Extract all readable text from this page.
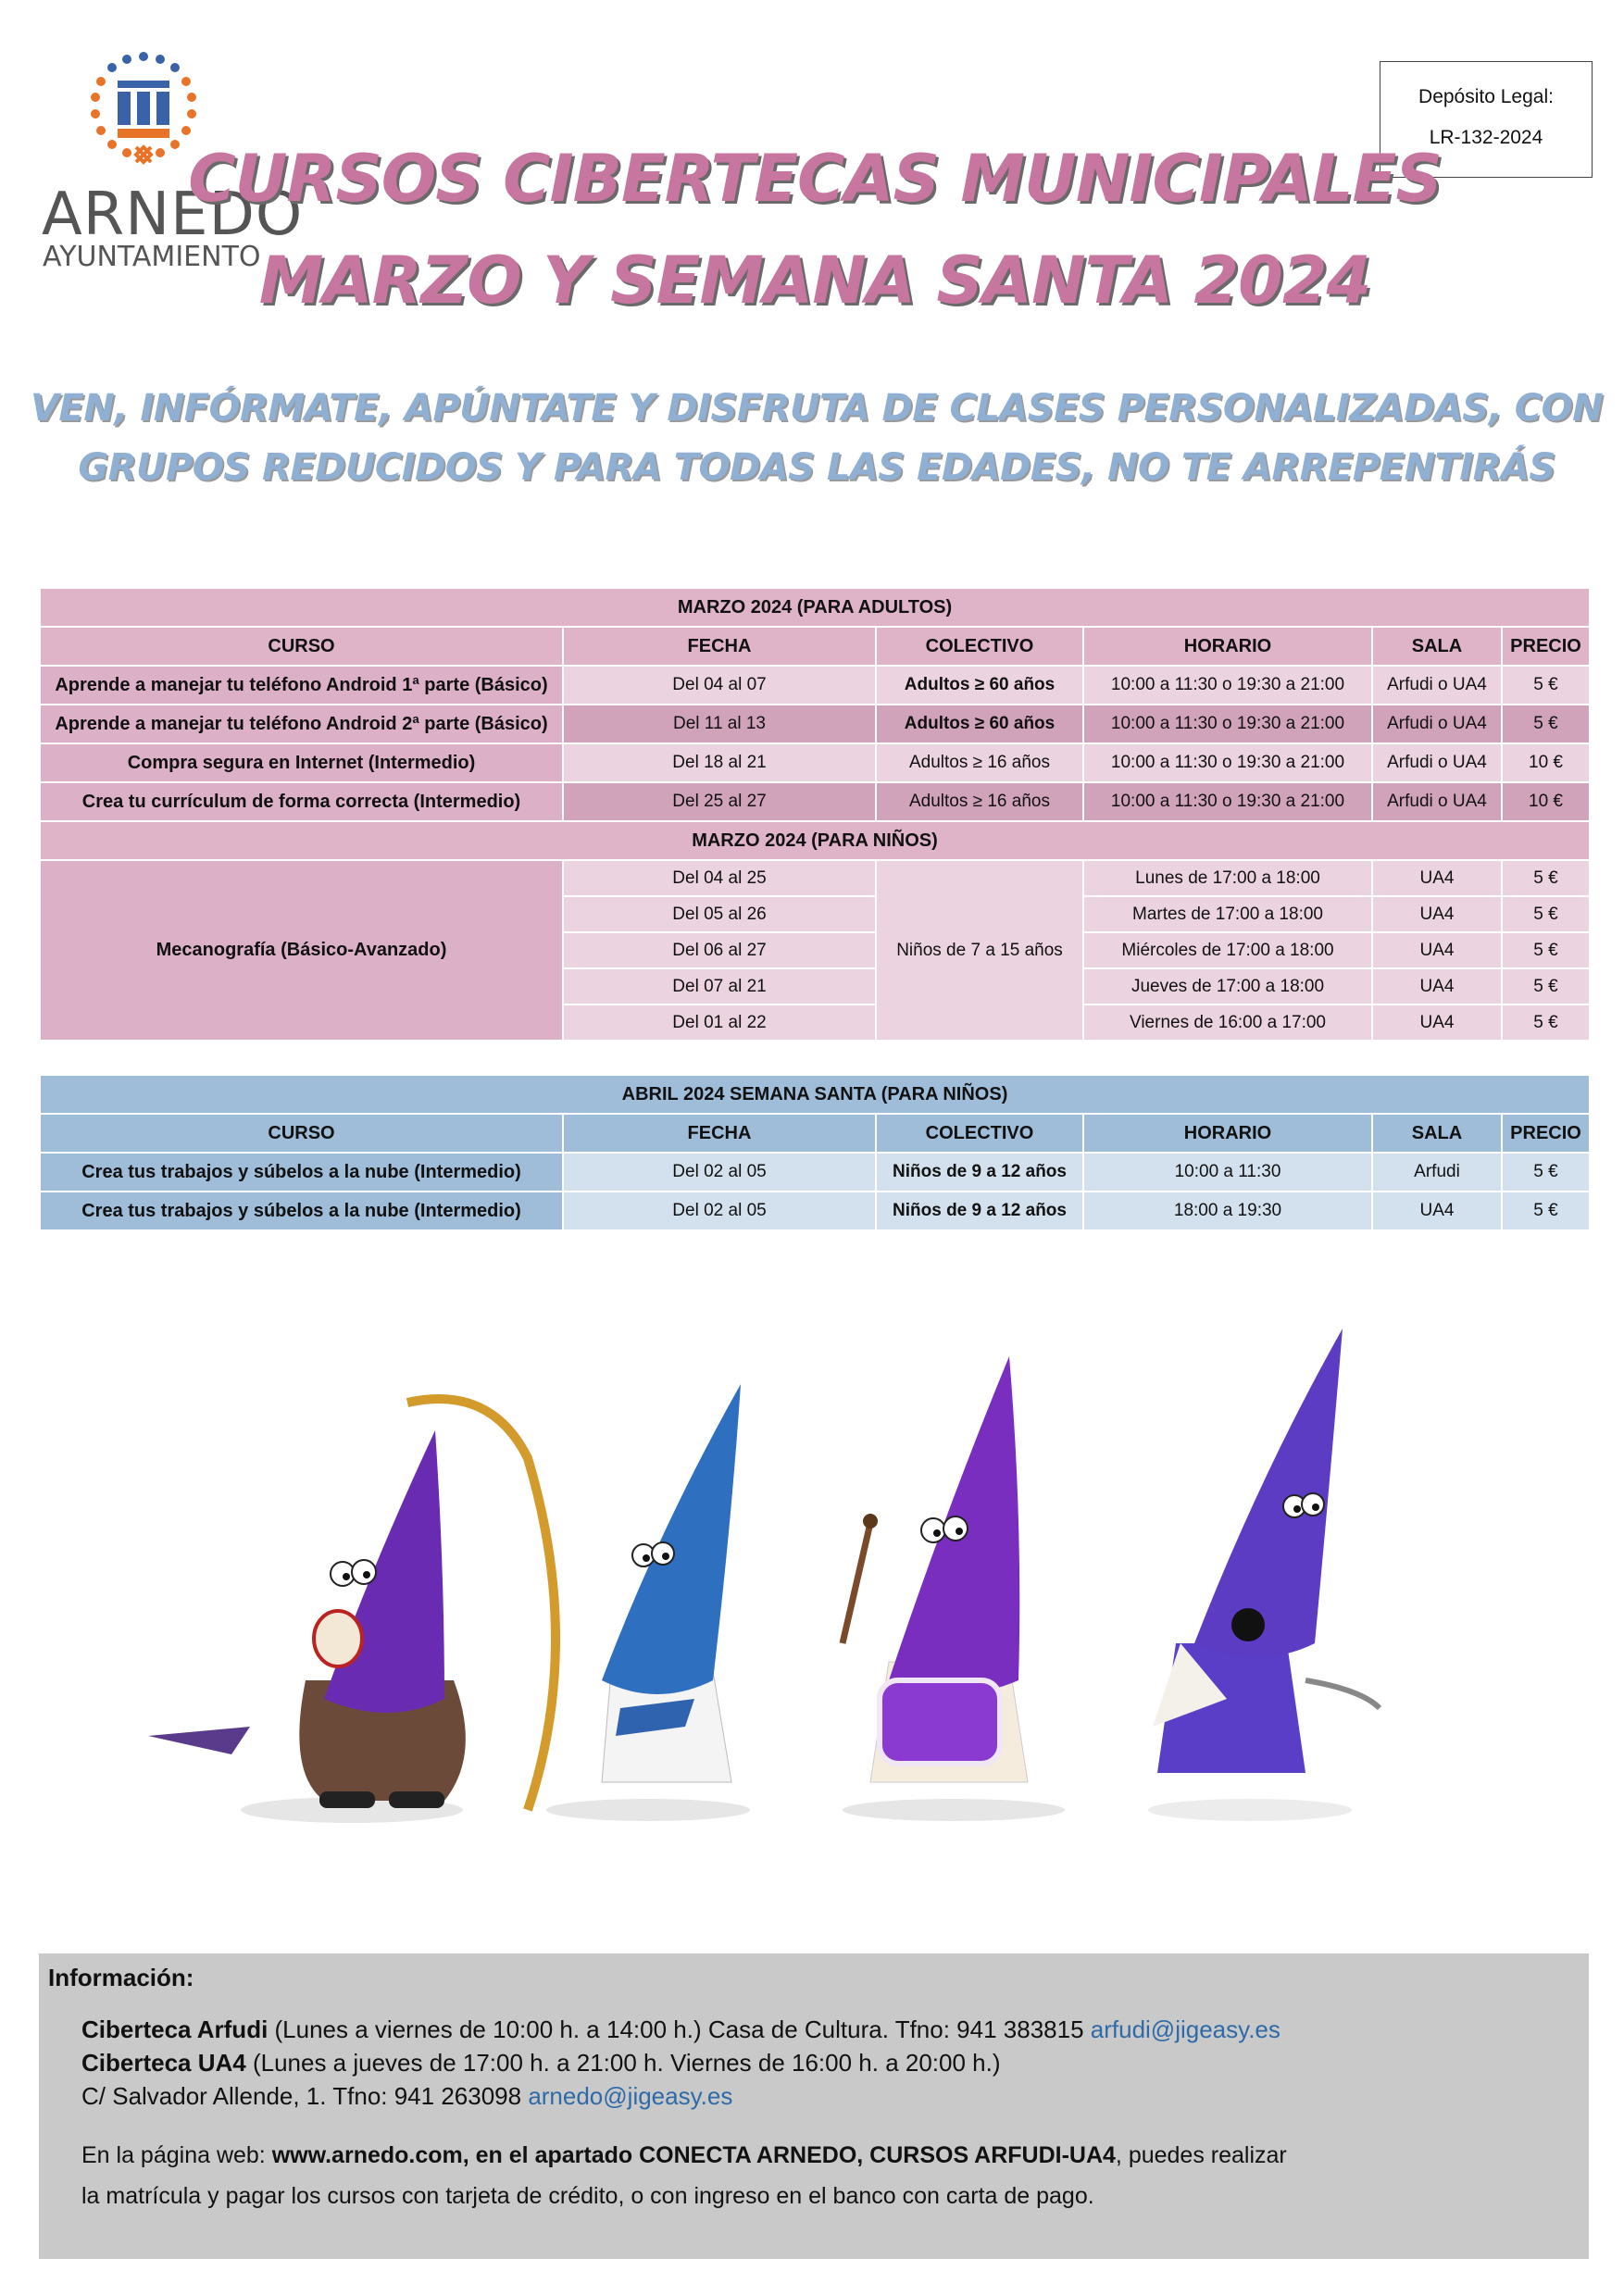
ARNEDO
AYUNTAMIENTO
Depósito Legal:
LR-132-2024
CURSOS CIBERTECAS MUNICIPALES
MARZO Y SEMANA SANTA 2024
VEN, INFÓRMATE, APÚNTATE Y DISFRUTA DE CLASES PERSONALIZADAS, CON
GRUPOS REDUCIDOS Y PARA TODAS LAS EDADES, NO TE ARREPENTIRÁS
MARZO 2024 (PARA ADULTOS)					
CURSO	FECHA	COLECTIVO	HORARIO	SALA	PRECIO
Aprende a manejar tu teléfono Android 1ª parte (Básico)	Del 04 al 07	Adultos ≥ 60 años	10:00 a 11:30 o 19:30 a 21:00	Arfudi o UA4	5 €
Aprende a manejar tu teléfono Android 2ª parte (Básico)	Del 11 al 13	Adultos ≥ 60 años	10:00 a 11:30 o 19:30 a 21:00	Arfudi o UA4	5 €
Compra segura en Internet (Intermedio)	Del 18 al 21	Adultos ≥ 16 años	10:00 a 11:30 o 19:30 a 21:00	Arfudi o UA4	10 €
Crea tu currículum de forma correcta (Intermedio)	Del 25 al 27	Adultos ≥ 16 años	10:00 a 11:30 o 19:30 a 21:00	Arfudi o UA4	10 €
MARZO 2024 (PARA NIÑOS)					
Mecanografía (Básico-Avanzado)	Del 04 al 25	Niños de 7 a 15 años	Lunes de 17:00 a 18:00	UA4	5 €
	Del 05 al 26		Martes de 17:00 a 18:00	UA4	5 €
	Del 06 al 27		Miércoles de 17:00 a 18:00	UA4	5 €
	Del 07 al 21		Jueves de 17:00 a 18:00	UA4	5 €
	Del 01 al 22		Viernes de 16:00 a 17:00	UA4	5 €
ABRIL 2024 SEMANA SANTA (PARA NIÑOS)					
CURSO	FECHA	COLECTIVO	HORARIO	SALA	PRECIO
Crea tus trabajos y súbelos a la nube (Intermedio)	Del 02 al 05	Niños de 9 a 12 años	10:00 a 11:30	Arfudi	5 €
Crea tus trabajos y súbelos a la nube (Intermedio)	Del 02 al 05	Niños de 9 a 12 años	18:00 a 19:30	UA4	5 €
Información:
Ciberteca Arfudi (Lunes a viernes de 10:00 h. a 14:00 h.) Casa de Cultura. Tfno: 941 383815 arfudi@jigeasy.es
Ciberteca UA4 (Lunes a jueves de 17:00 h. a 21:00 h. Viernes de 16:00 h. a 20:00 h.)
C/ Salvador Allende, 1. Tfno: 941 263098 arnedo@jigeasy.es
En la página web: www.arnedo.com, en el apartado CONECTA ARNEDO, CURSOS ARFUDI-UA4, puedes realizar
la matrícula y pagar los cursos con tarjeta de crédito, o con ingreso en el banco con carta de pago.
